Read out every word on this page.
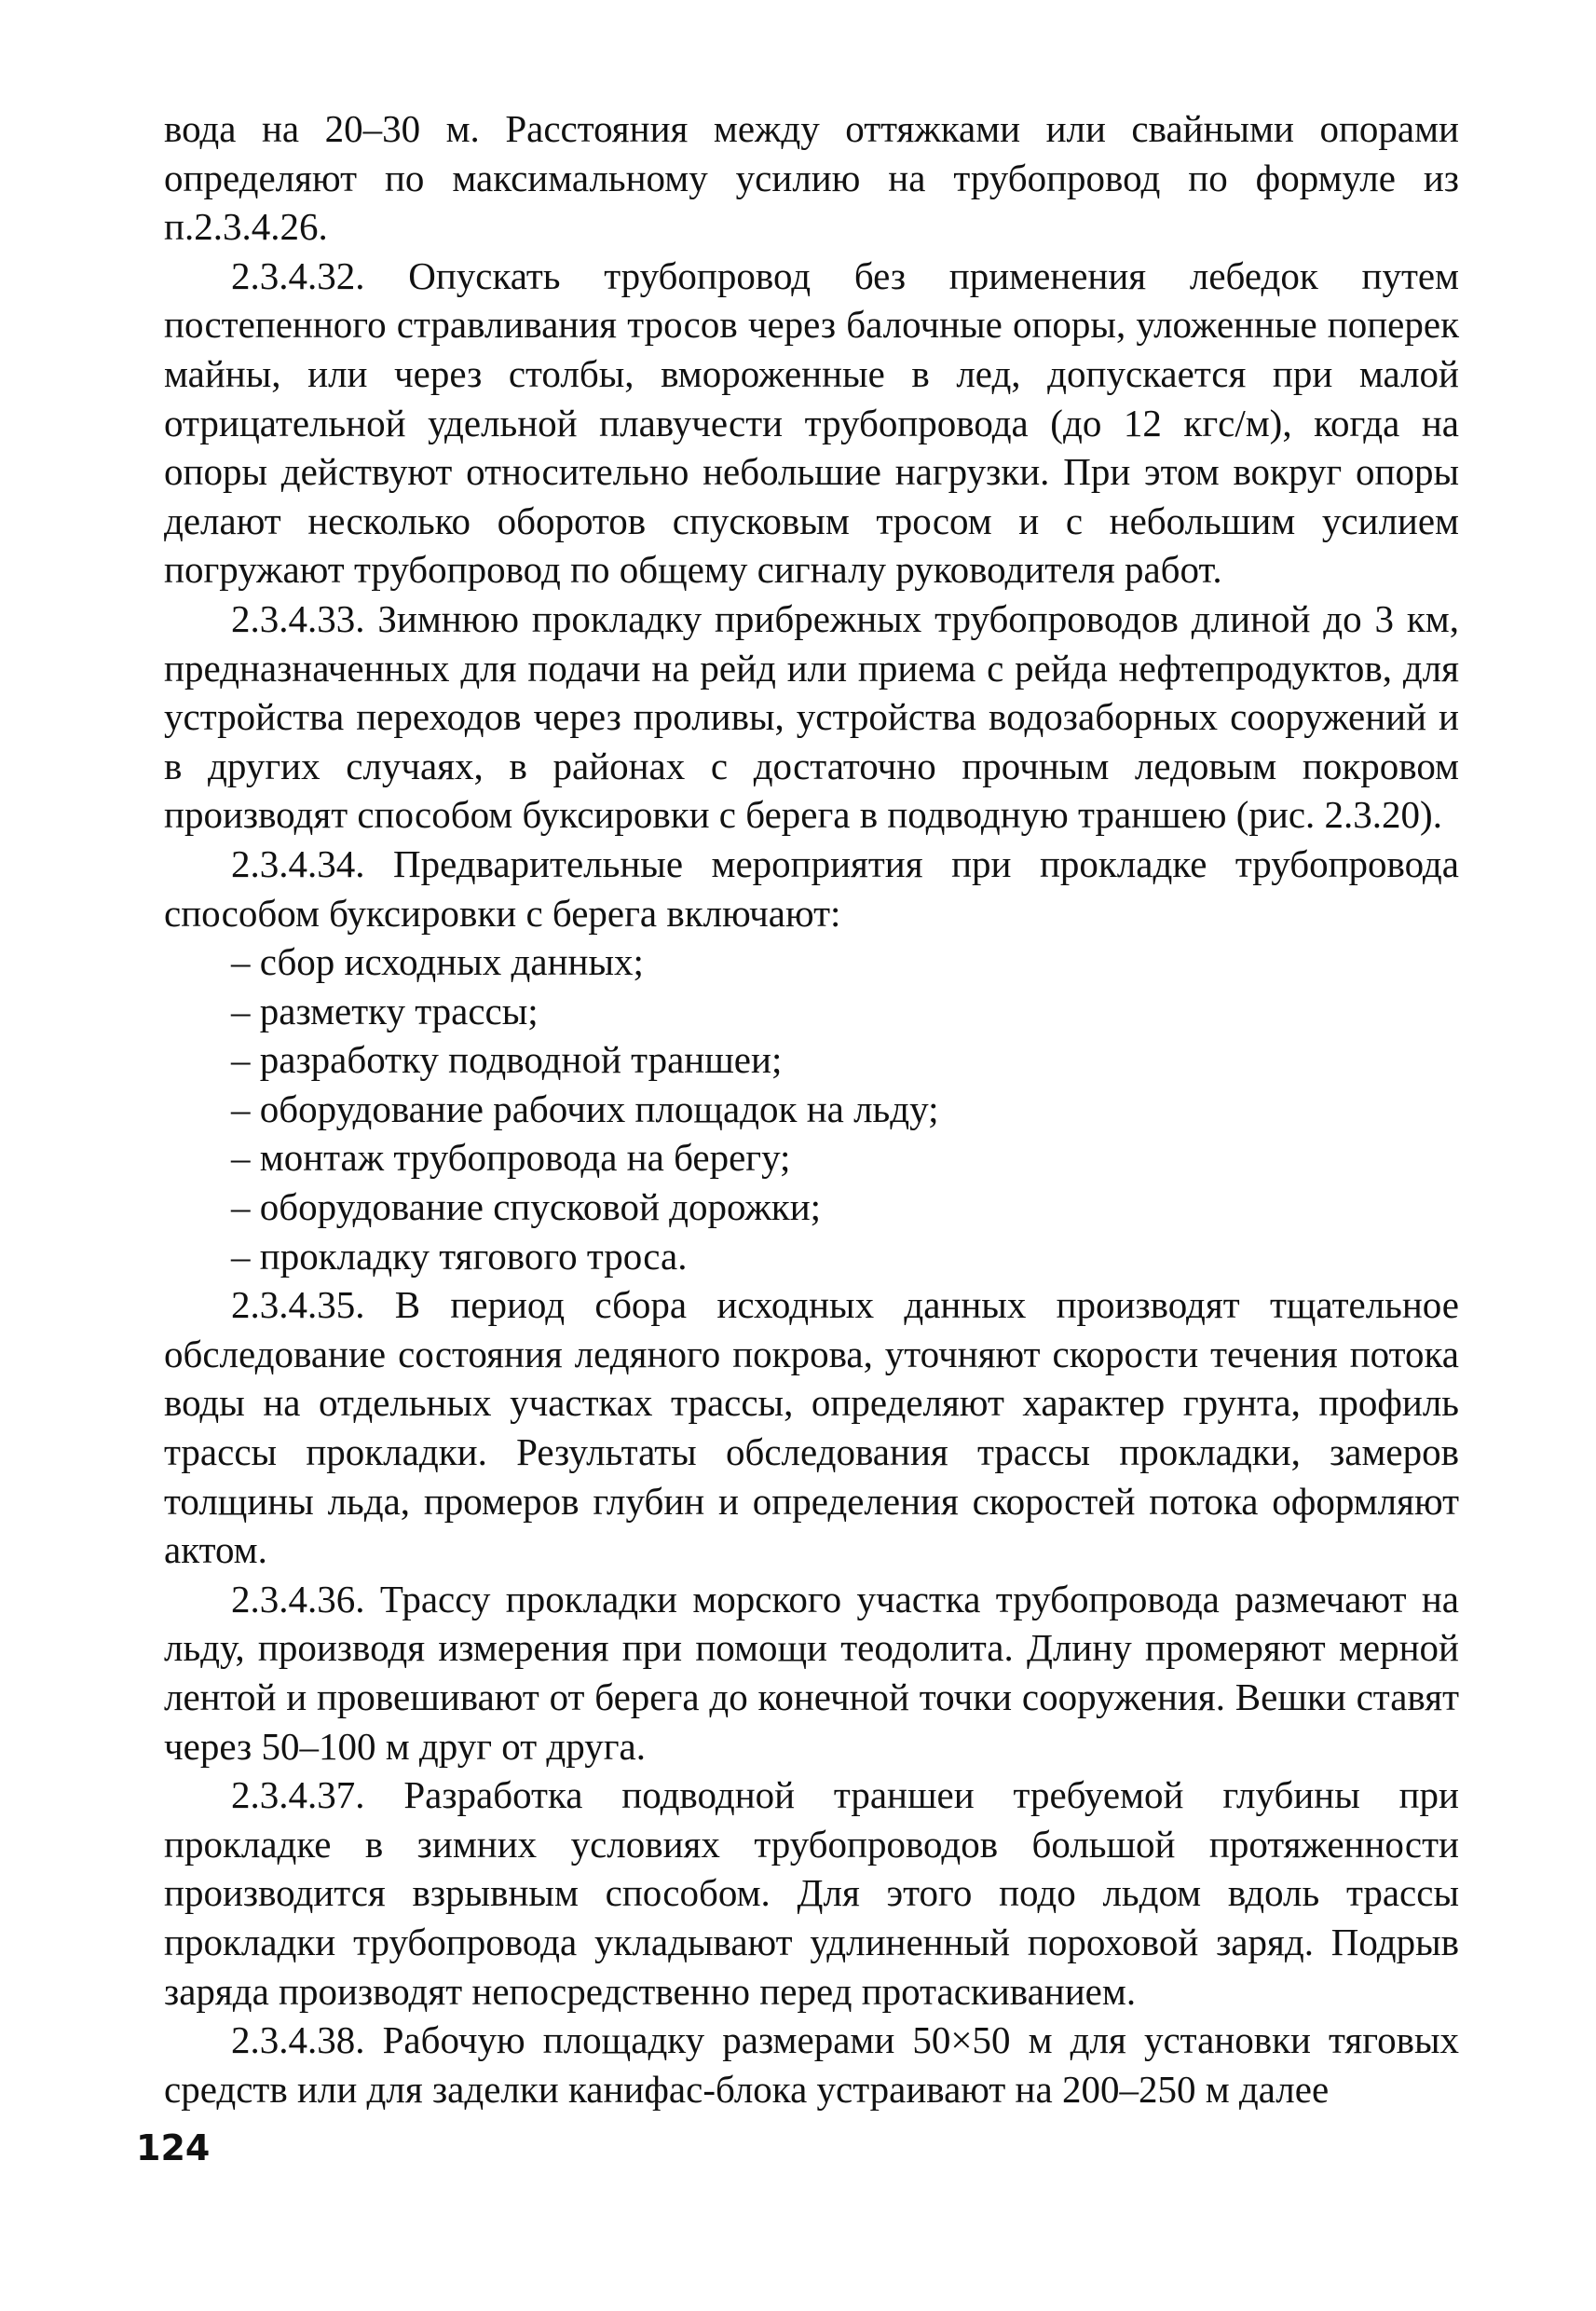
вода на 20–30 м. Расстояния между оттяжками или свайными опорами определяют по максимальному усилию на трубопровод по формуле из п.2.3.4.26.

2.3.4.32. Опускать трубопровод без применения лебедок путем постепенного стравливания тросов через балочные опоры, уложенные поперек майны, или через столбы, вмороженные в лед, допускается при малой отрицательной удельной плавучести трубопровода (до 12 кгс/м), когда на опоры действуют относительно небольшие нагрузки. При этом вокруг опоры делают несколько оборотов спусковым тросом и с небольшим усилием погружают трубопровод по общему сигналу руководителя работ.

2.3.4.33. Зимнюю прокладку прибрежных трубопроводов длиной до 3 км, предназначенных для подачи на рейд или приема с рейда нефтепродуктов, для устройства переходов через проливы, устройства водозаборных сооружений и в других случаях, в районах с достаточно прочным ледовым покровом производят способом буксировки с берега в подводную траншею (рис. 2.3.20).

2.3.4.34. Предварительные мероприятия при прокладке трубопровода способом буксировки с берега включают:

– сбор исходных данных;

– разметку трассы;

– разработку подводной траншеи;

– оборудование рабочих площадок на льду;

– монтаж трубопровода на берегу;

– оборудование спусковой дорожки;

– прокладку тягового троса.

2.3.4.35. В период сбора исходных данных производят тщательное обследование состояния ледяного покрова, уточняют скорости течения потока воды на отдельных участках трассы, определяют характер грунта, профиль трассы прокладки. Результаты обследования трассы прокладки, замеров толщины льда, промеров глубин и определения скоростей потока оформляют актом.

2.3.4.36. Трассу прокладки морского участка трубопровода размечают на льду, производя измерения при помощи теодолита. Длину промеряют мерной лентой и провешивают от берега до конечной точки сооружения. Вешки ставят через 50–100 м друг от друга.

2.3.4.37. Разработка подводной траншеи требуемой глубины при прокладке в зимних условиях трубопроводов большой протяженности производится взрывным способом. Для этого подо льдом вдоль трассы прокладки трубопровода укладывают удлиненный пороховой заряд. Подрыв заряда производят непосредственно перед протаскиванием.

2.3.4.38. Рабочую площадку размерами 50×50 м для установки тяговых средств или для заделки канифас-блока устраивают на 200–250 м далее

124
